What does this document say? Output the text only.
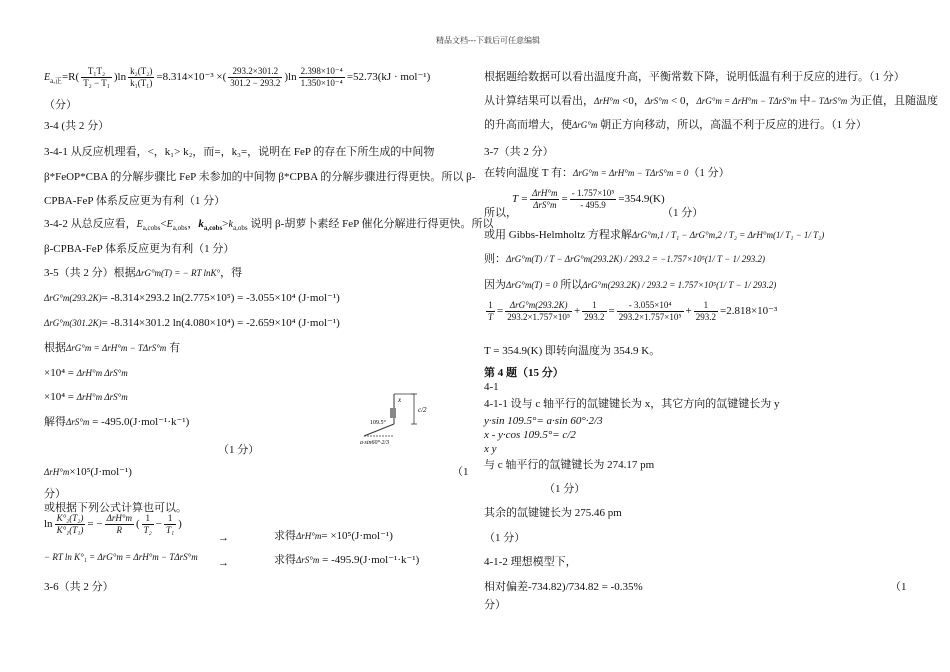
精品文档---下载后可任意编辑
$E_{a,正}=R( \frac{\text{T₁T₂}}{\text{T₂ − T₁}} )\ln \frac{\text{k₂(T₂)}}{\text{k₁(T₁)}} =8.314\times 10^{-3}$ ×( $\frac{293.2\times 301.2}{301.2 - 293.2} )\ln \frac{\text{2.398×10⁻⁴}}{\text{1.350×10⁻⁴}} =52.73(kJ \cdot mol^{-1})$
（分）
3-4 (共 2 分）
3-4-1 从反应机理看，<，k₁> k₂，而=，k₃=，说明在 FeP 的存在下所生成的中间物
β*FeOP*CBA 的分解步骤比 FeP 未参加的中间物 β*CPBA 的分解步骤进行得更快。所以 β-
CPBA-FeP 体系反应更为有利（1 分）
3-4-2 从总反应看，$E_{a,cobs}<E_{a,obs}$，$k_{a,cobs}>k_{a,obs}$ 说明 β-胡萝卜素经 FeP 催化分解进行得更快。所以
β-CPBA-FeP 体系反应更为有利（1 分）
3-5（共 2 分）根据ΔrG°m(T) = − RT lnK°，得
ΔrG°m(293.2K)= -8.314×293.2 ln(2.775×10⁵) = -3.055×10⁴ (J·mol⁻¹)
ΔrG°m(301.2K)= -8.314×301.2 ln(4.080×10⁴) = -2.659×10⁴ (J·mol⁻¹)
根据ΔrG°m = ΔrH°m − TΔrS°m 有
×10⁴ = ΔrH°m ΔrS°m
×10⁴ = ΔrH°m ΔrS°m
解得ΔrS°m = -495.0(J·mol⁻¹·k⁻¹)
x
c/2
109.5°
a·sin60°·2/3
（1 分）
ΔrH°m×10⁵(J·mol⁻¹)	（1
分）
或根据下列公式计算也可以。
$\ln \frac{\text{K°₂(T₂)}}{\text{K°₁(T₁)}}$ = − $\frac{\text{ΔrH°m}}{R}$ ( $\frac{1}{\text{T₂}} - \frac{1}{\text{T₁}}$ )
→	求得ΔrH°m= ×10⁵(J·mol⁻¹)
− RT ln K°₁ = ΔrG°m = ΔrH°m − TΔrS°m →	求得ΔrS°m = -495.9(J·mol⁻¹·k⁻¹)
3-6（共 2 分）
根据题给数据可以看出温度升高，平衡常数下降，说明低温有利于反应的进行。（1 分）
从计算结果可以看出，ΔrH°m <0，ΔrS°m < 0，ΔrG°m = ΔrH°m − TΔrS°m 中− TΔrS°m 为正值，且随温度
的升高而增大，使ΔrG°m 朝正方向移动，所以，高温不利于反应的进行。（1 分）
3-7（共 2 分）
在转向温度 T 有：ΔrG°m = ΔrH°m − TΔrS°m = 0（1 分）
所以，
$T = \frac{\text{ΔrH°m}}{\text{ΔrS°m}} = \frac{\text{- 1.757×10⁵}}{- 495.9} =354.9(K)$
（1 分）
或用 Gibbs-Helmholtz 方程求解ΔrG°m,1 / T₁ − ΔrG°m,2 / T₂ = ΔrH°m(1/ T₁ − 1/ T₂)
则：ΔrG°m(T) / T − ΔrG°m(293.2K) / 293.2 = −1.757×10⁵(1/ T − 1/ 293.2)
因为ΔrG°m(T) = 0 所以ΔrG°m(293.2K) / 293.2 = 1.757×10⁵(1/ T − 1/ 293.2)
$\frac{1}{T} = \frac{\text{ΔrG°m(293.2K)}}{\text{293.2×1.757×10⁵}} + \frac{1}{293.2} = \frac{\text{- 3.055×10⁴}}{\text{293.2×1.757×10⁵}} + \frac{1}{293.2} =2.818\times 10^{-3}$
T = 354.9(K) 即转向温度为 354.9 K。
第 4 题（15 分）
4-1
4-1-1 设与 c 轴平行的氙键键长为 x，其它方向的氙键键长为 y
y·sin 109.5°= a·sin 60°·2/3
x - y·cos 109.5°= c/2
x y
与 c 轴平行的氙键键长为 274.17 pm
（1 分）
其余的氙键键长为 275.46 pm
（1 分）
4-1-2 理想模型下，
相对偏差-734.82)/734.82 = -0.35%	（1
分）
